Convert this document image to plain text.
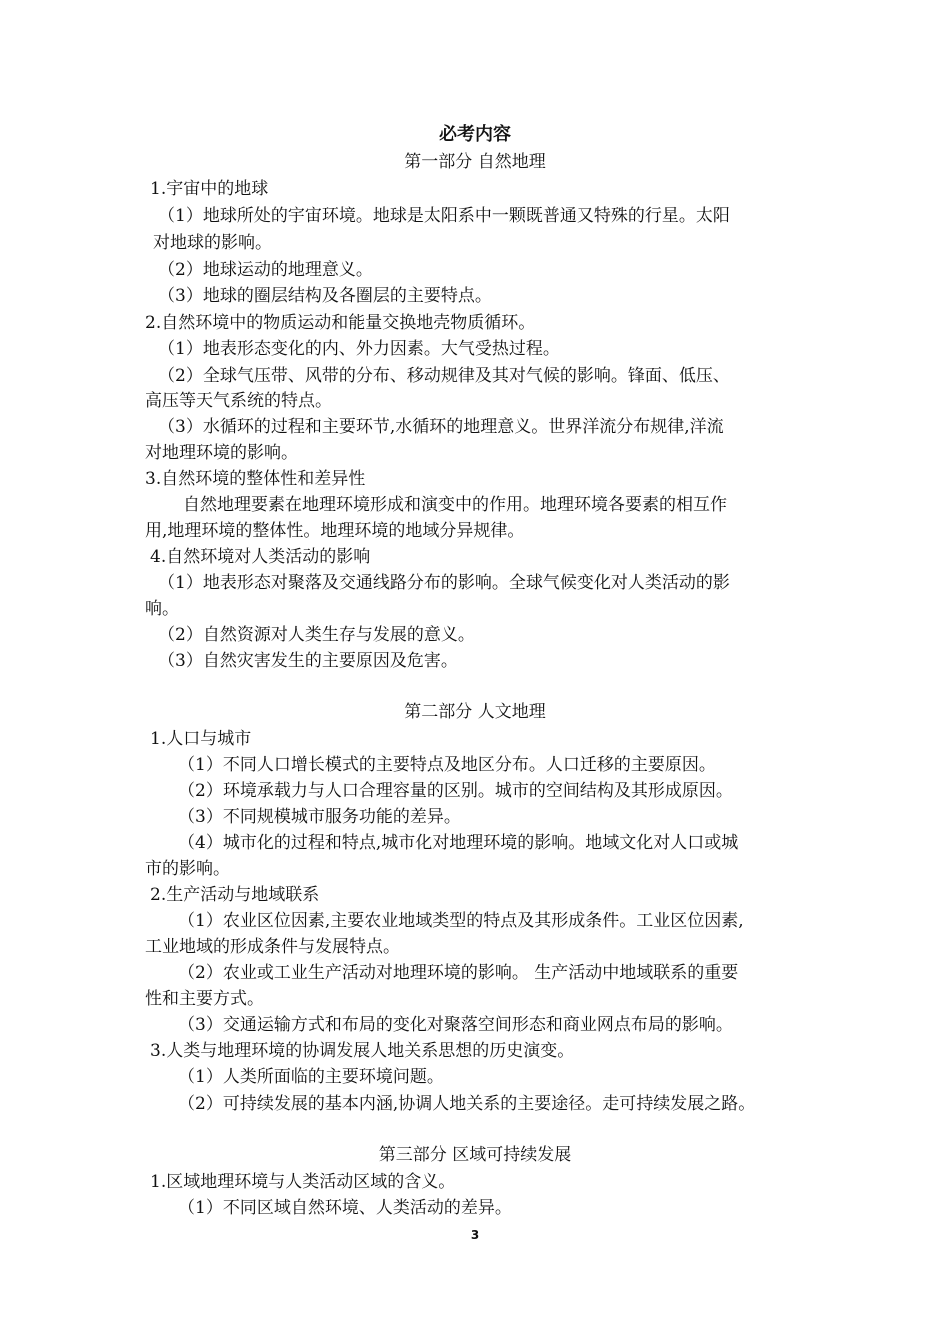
必考内容
第一部分 自然地理
1.宇宙中的地球
（1）地球所处的宇宙环境。地球是太阳系中一颗既普通又特殊的行星。太阳
对地球的影响。
（2）地球运动的地理意义。
（3）地球的圈层结构及各圈层的主要特点。
2.自然环境中的物质运动和能量交换地壳物质循环。
（1）地表形态变化的内、外力因素。大气受热过程。
（2）全球气压带、风带的分布、移动规律及其对气候的影响。锋面、低压、
高压等天气系统的特点。
（3）水循环的过程和主要环节,水循环的地理意义。世界洋流分布规律,洋流
对地理环境的影响。
3.自然环境的整体性和差异性
自然地理要素在地理环境形成和演变中的作用。地理环境各要素的相互作
用,地理环境的整体性。地理环境的地域分异规律。
4.自然环境对人类活动的影响
（1）地表形态对聚落及交通线路分布的影响。全球气候变化对人类活动的影
响。
（2）自然资源对人类生存与发展的意义。
（3）自然灾害发生的主要原因及危害。
第二部分 人文地理
1.人口与城市
（1）不同人口增长模式的主要特点及地区分布。人口迁移的主要原因。
（2）环境承载力与人口合理容量的区别。城市的空间结构及其形成原因。
（3）不同规模城市服务功能的差异。
（4）城市化的过程和特点,城市化对地理环境的影响。地域文化对人口或城
市的影响。
2.生产活动与地域联系
（1）农业区位因素,主要农业地域类型的特点及其形成条件。工业区位因素,
工业地域的形成条件与发展特点。
（2）农业或工业生产活动对地理环境的影响。 生产活动中地域联系的重要
性和主要方式。
（3）交通运输方式和布局的变化对聚落空间形态和商业网点布局的影响。
3.人类与地理环境的协调发展人地关系思想的历史演变。
（1）人类所面临的主要环境问题。
（2）可持续发展的基本内涵,协调人地关系的主要途径。走可持续发展之路。
第三部分 区域可持续发展
1.区域地理环境与人类活动区域的含义。
（1）不同区域自然环境、人类活动的差异。
3
